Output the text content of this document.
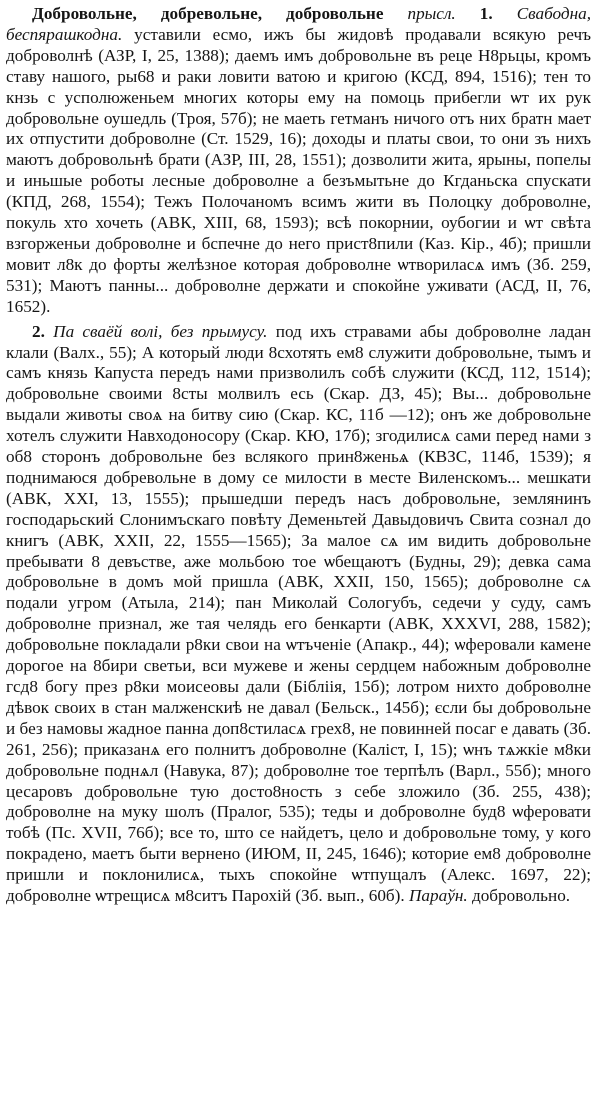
Добровольне, добревольне, добровольне прысл. 1. Свабодна, беспярашкодна. уставили есмо, ижъ бы жидовѣ продавали всякую речъ доброволнѣ (АЗР, I, 25, 1388); даемъ имъ добровольне въ реце Н8рьцы, кромъ ставу нашого, ры68 и раки ловити ватою и кригою (КСД, 894, 1516); тен то кнзь с усполюженьем многих которы ему на помоць прибегли ѡт их рук добровольне оушедль (Троя, 57б); не маеть гетманъ ничого отъ них братн мает их отпустити доброволне (Ст. 1529, 16); доходы и платы свои, то они зъ нихъ маютъ добровольнѣ брати (АЗР, III, 28, 1551); дозволити жита, ярыны, попелы и иньшые роботы лесные доброволне а безъмытьне до Кгданьска спускати (КПД, 268, 1554); Тежъ Полочаномъ всимъ жити въ Полоцку доброволне, покуль хто хочеть (АВК, XIII, 68, 1593); всѣ покорнии, оубогии и ѡт свѣта взгорженьи доброволне и бспечне до него прист8пили (Каз. Кір., 4б); пришли мовит л8к до форты желѣзное которая доброволне ѡтвориласѧ имъ (Зб. 259, 531); Маютъ панны... доброволне держати и спокойне уживати (АСД, II, 76, 1652).

2. Па сваёй волі, без прымусу. под ихъ стравами абы доброволне ладан клали (Валх., 55); А который люди 8схотять ем8 служити добровольне, тымъ и самъ князь Капуста передъ нами призволилъ собѣ служити (КСД, 112, 1514); добровольне своими 8сты молвилъ есь (Скар. ДЗ, 45); Вы... добровольне выдали животы своѧ на битву сию (Скар. КС, 11б —12); онъ же добровольне хотелъ служити Навходоносору (Скар. КЮ, 17б); згодилисѧ сами перед нами з об8 сторонъ добровольне без вслякого прин8женьѧ (КВЗС, 114б, 1539); я поднимаюся добревольне в дому се милости в месте Виленскомъ... мешкати (АВК, XXI, 13, 1555); прышедши передъ насъ добровольне, землянинъ господарьский Слонимъскаго повѣту Деменьтей Давыдовичъ Свита сознал до книгъ (АВК, XXII, 22, 1555—1565); За малое сѧ им видить добровольне пребывати 8 девъстве, аже мольбою тое ѡбещаютъ (Будны, 29); девка сама добровольне в домъ мой пришла (АВК, XXII, 150, 1565); доброволне сѧ подали угром (Атыла, 214); пан Миколай Сологубъ, седечи у суду, самъ доброволне признал, же тая челядь его бенкарти (АВК, XXXVI, 288, 1582); добровольне покладали р8ки свои на ѡтъченіе (Апакр., 44); ѡферовали камене дорогое на 8бири светьи, вси мужеве и жены сердцем набожным доброволне гсд8 богу през р8ки моисеовы дали (Бібліія, 15б); лотром нихто доброволне дѣвок своих в стан малженскиѣ не давал (Бельск., 145б); єсли бы добровольне и без намовы жадное панна доп8стиласѧ грех8, не повинней посаг е давать (Зб. 261, 256); приказанѧ его полнитъ доброволне (Каліст, I, 15); ѡнъ тѧжкіе м8ки добровольне поднѧл (Навука, 87); доброволне тое терпѣлъ (Варл., 55б); много цесаровъ добровольне тую досто8ность з себе зложило (Зб. 255, 438); доброволне на муку шолъ (Пралог, 535); теды и доброволне буд8 ѡферовати тобѣ (Пс. XVII, 76б); все то, што се найдетъ, цело и добровольне тому, у кого покрадено, маетъ быти вернено (ИЮМ, II, 245, 1646); которие ем8 доброволне пришли и поклонилисѧ, тыхъ спокойне ѡтпущалъ (Алекс. 1697, 22); доброволне ѡтрещисѧ м8ситъ Парохій (Зб. вып., 60б). Параўн. добровольно.
